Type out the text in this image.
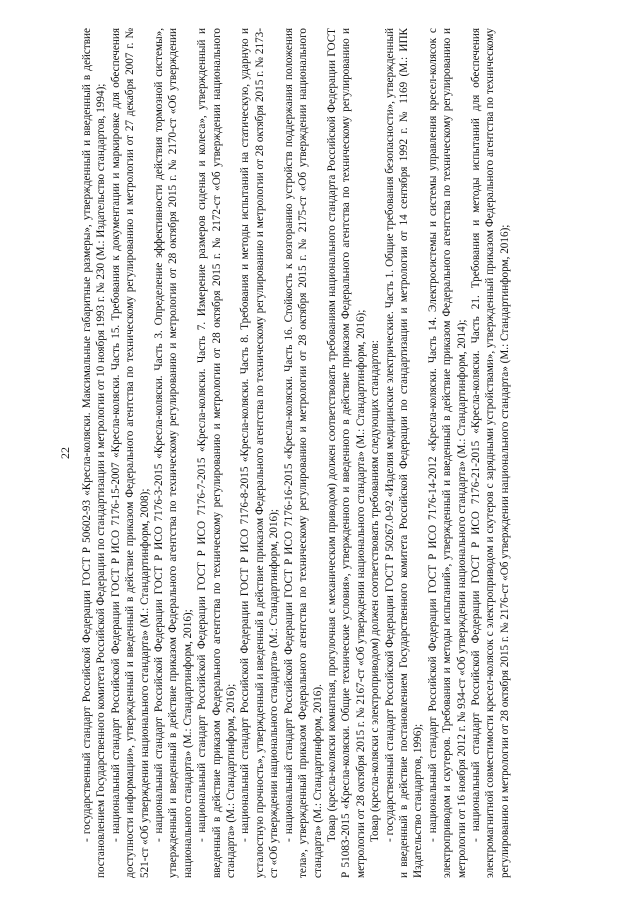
22 - государственный стандарт Российской Федерации ГОСТ Р 50602-93 «Кресла-коляски. Максимальные габаритные размеры», утвержденный и введенный в действие постановлением Государственного комитета Российской Федерации по стандартизации и метрологии от 10 ноября 1993 г. № 230 (М.: Издательство стандартов, 1994); - национальный стандарт Российской Федерации ГОСТ Р ИСО 7176-15-2007 «Кресла-коляски. Часть 15. Требования к документации и маркировке для обеспечения доступности информации», утвержденный и введенный в действие приказом Федерального агентства по техническому регулированию и метрологии от 27 декабря 2007 г. № 521-ст «Об утверждении национального стандарта» (М.: Стандартинформ, 2008); - национальный стандарт Российской Федерации ГОСТ Р ИСО 7176-3-2015 «Кресла-коляски. Часть 3. Определение эффективности действия тормозной системы», утвержденный и введенный в действие приказом Федерального агентства по техническому регулированию и метрологии от 28 октября 2015 г. № 2170-ст «Об утверждении национального стандарта» (М.: Стандартинформ, 2016); - национальный стандарт Российской Федерации ГОСТ Р ИСО 7176-7-2015 «Кресла-коляски. Часть 7. Измерение размеров сиденья и колеса», утвержденный и введенный в действие приказом Федерального агентства по техническому регулированию и метрологии от 28 октября 2015 г. № 2172-ст «Об утверждении национального стандарта» (М.: Стандартинформ, 2016); - национальный стандарт Российской Федерации ГОСТ Р ИСО 7176-8-2015 «Кресла-коляски. Часть 8. Требования и методы испытаний на статическую, ударную и усталостную прочность», утвержденный и введенный в действие приказом Федерального агентства по техническому регулированию и метрологии от 28 октября 2015 г. № 2173-ст «Об утверждении национального стандарта» (М.: Стандартинформ, 2016); - национальный стандарт Российской Федерации ГОСТ Р ИСО 7176-16-2015 «Кресла-коляски. Часть 16. Стойкость к возгоранию устройств поддержания положения тела», утвержденный приказом Федерального агентства по техническому регулированию и метрологии от 28 октября 2015 г. № 2175-ст «Об утверждении национального стандарта» (М.: Стандартинформ, 2016). Товар (кресла-коляски комнатная, прогулочная с механическим приводом) должен соответствовать требованиям национального стандарта Российской Федерации ГОСТ Р 51083-2015 «Кресла-коляски. Общие технические условия», утвержденного и введенного в действие приказом Федерального агентства по техническому регулированию и метрологии от 28 октября 2015 г. № 2167-ст «Об утверждении национального стандарта» (М.: Стандартинформ, 2016); Товар (кресла-коляски с электроприводом) должен соответствовать требованиям следующих стандартов: - государственный стандарт Российской Федерации ГОСТ Р 50267.0-92 «Изделия медицинские электрические. Часть 1. Общие требования безопасности», утвержденный и введенный в действие постановлением Государственного комитета Российской Федерации по стандартизации и метрологии от 14 сентября 1992 г. № 1169 (М.: ИПК Издательство стандартов, 1996); - национальный стандарт Российской Федерации ГОСТ Р ИСО 7176-14-2012 «Кресла-коляски. Часть 14. Электросистемы и системы управления кресел-колясок с электроприводом и скутеров. Требования и методы испытаний», утвержденный и введенный в действие приказом Федерального агентства по техническому регулированию и метрологии от 16 ноября 2012 г. № 934-ст «Об утверждении национального стандарта» (М.: Стандартинформ, 2014); - национальный стандарт Российской Федерации ГОСТ Р ИСО 7176-21-2015 «Кресла-коляски. Часть 21. Требования и методы испытаний для обеспечения электромагнитной совместимости кресел-колясок с электроприводом и скутеров с зарядными устройствами», утвержденный приказом Федерального агентства по техническому регулированию и метрологии от 28 октября 2015 г. № 2176-ст «Об утверждении национального стандарта» (М.: Стандартинформ, 2016);
